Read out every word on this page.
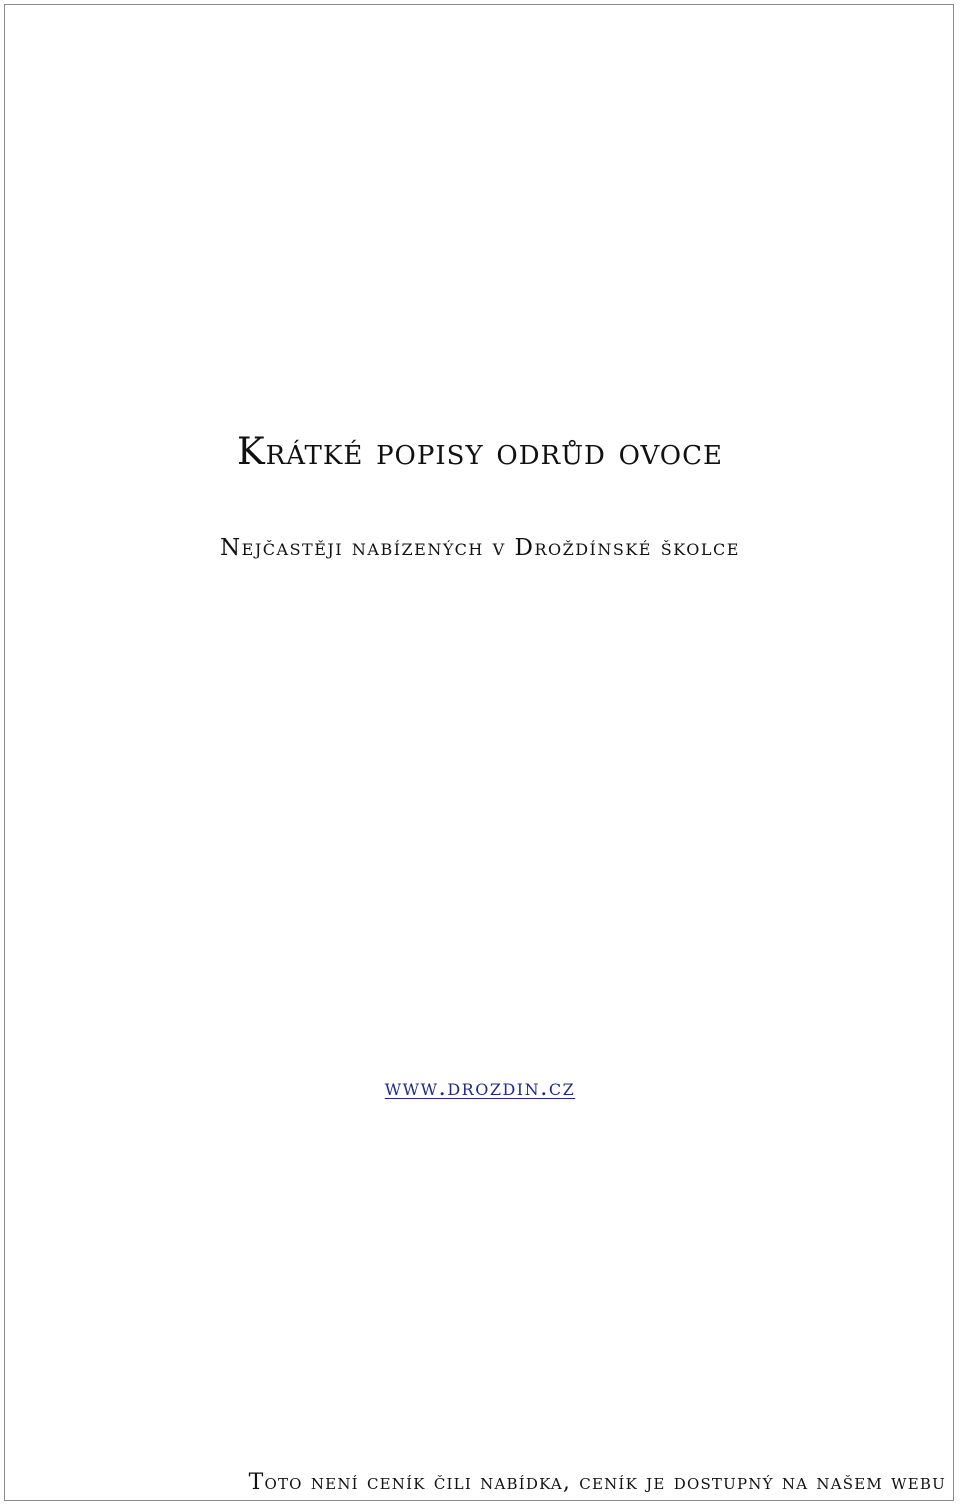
Krátké popisy odrůd ovoce
Nejčastěji nabízených v Droždínské školce
www.drozdin.cz

Toto není ceník čili nabídka, ceník je dostupný na našem webu
